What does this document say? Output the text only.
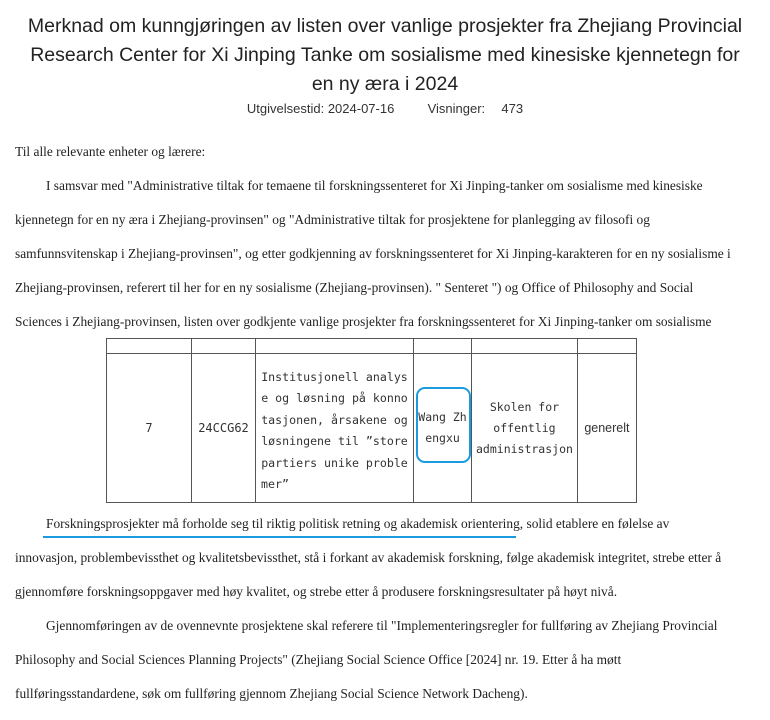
Merknad om kunngjøringen av listen over vanlige prosjekter fra Zhejiang Provincial Research Center for Xi Jinping Tanke om sosialisme med kinesiske kjennetegn for en ny æra i 2024
Utgivelsestid: 2024-07-16	Visninger: 473
Til alle relevante enheter og lærere:
I samsvar med "Administrative tiltak for temaene til forskningssenteret for Xi Jinping-tanker om sosialisme med kinesiske
kjennetegn for en ny æra i Zhejiang-provinsen" og "Administrative tiltak for prosjektene for planlegging av filosofi og
samfunnsvitenskap i Zhejiang-provinsen", og etter godkjenning av forskningssenteret for Xi Jinping-karakteren for en ny sosialisme i
Zhejiang-provinsen, referert til her for en ny sosialisme (Zhejiang-provinsen). " Senteret ") og Office of Philosophy and Social
Sciences i Zhejiang-provinsen, listen over godkjente vanlige prosjekter fra forskningssenteret for Xi Jinping-tanker om sosialisme

7	24CCG62	Institusjonell analyse og løsning på konnotasjonen, årsakene og løsningene til ”store partiers unike problemer”	Wang Zhengxu	Skolen for offentlig administrasjon	generelt
Forskningsprosjekter må forholde seg til riktig politisk retning og akademisk orientering, solid etablere en følelse av
innovasjon, problembevissthet og kvalitetsbevissthet, stå i forkant av akademisk forskning, følge akademisk integritet, strebe etter å
gjennomføre forskningsoppgaver med høy kvalitet, og strebe etter å produsere forskningsresultater på høyt nivå.
Gjennomføringen av de ovennevnte prosjektene skal referere til "Implementeringsregler for fullføring av Zhejiang Provincial
Philosophy and Social Sciences Planning Projects" (Zhejiang Social Science Office [2024] nr. 19. Etter å ha møtt
fullføringsstandardene, søk om fullføring gjennom Zhejiang Social Science Network Dacheng).
